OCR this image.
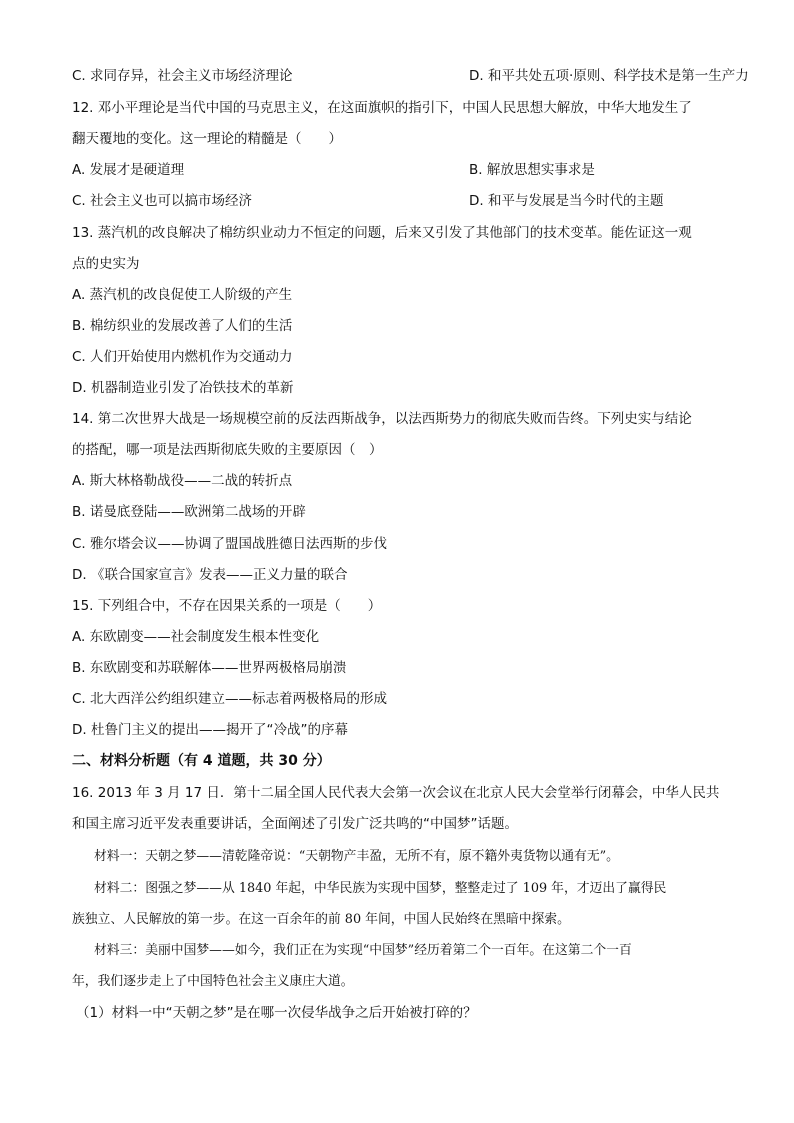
C. 求同存异，社会主义市场经济理论	D. 和平共处五项·原则、科学技术是第一生产力
12. 邓小平理论是当代中国的马克思主义，在这面旗帜的指引下，中国人民思想大解放，中华大地发生了
翻天覆地的变化。这一理论的精髓是（　　）
A. 发展才是硬道理	B. 解放思想实事求是
C. 社会主义也可以搞市场经济	D. 和平与发展是当今时代的主题
13. 蒸汽机的改良解决了棉纺织业动力不恒定的问题，后来又引发了其他部门的技术变革。能佐证这一观
点的史实为
A. 蒸汽机的改良促使工人阶级的产生
B. 棉纺织业的发展改善了人们的生活
C. 人们开始使用内燃机作为交通动力
D. 机器制造业引发了冶铁技术的革新
14. 第二次世界大战是一场规模空前的反法西斯战争，以法西斯势力的彻底失败而告终。下列史实与结论
的搭配，哪一项是法西斯彻底失败的主要原因（　）
A. 斯大林格勒战役——二战的转折点
B. 诺曼底登陆——欧洲第二战场的开辟
C. 雅尔塔会议——协调了盟国战胜德日法西斯的步伐
D. 《联合国家宣言》发表——正义力量的联合
15. 下列组合中，不存在因果关系的一项是（　　）
A. 东欧剧变——社会制度发生根本性变化
B. 东欧剧变和苏联解体——世界两极格局崩溃
C. 北大西洋公约组织建立——标志着两极格局的形成
D. 杜鲁门主义的提出——揭开了“冷战”的序幕
二、材料分析题（有 4 道题，共 30 分）
16. 2013 年 3 月 17 日．第十二届全国人民代表大会第一次会议在北京人民大会堂举行闭幕会，中华人民共
和国主席习近平发表重要讲话，全面阐述了引发广泛共鸣的“中国梦”话题。
材料一：天朝之梦——清乾隆帝说：“天朝物产丰盈，无所不有，原不籍外夷货物以通有无”。
材料二：图强之梦——从 1840 年起，中华民族为实现中国梦，整整走过了 109 年，才迈出了赢得民
族独立、人民解放的第一步。在这一百余年的前 80 年间，中国人民始终在黑暗中探索。
材料三：美丽中国梦——如今，我们正在为实现“中国梦”经历着第二个一百年。在这第二个一百
年，我们逐步走上了中国特色社会主义康庄大道。
（1）材料一中“天朝之梦”是在哪一次侵华战争之后开始被打碎的？
